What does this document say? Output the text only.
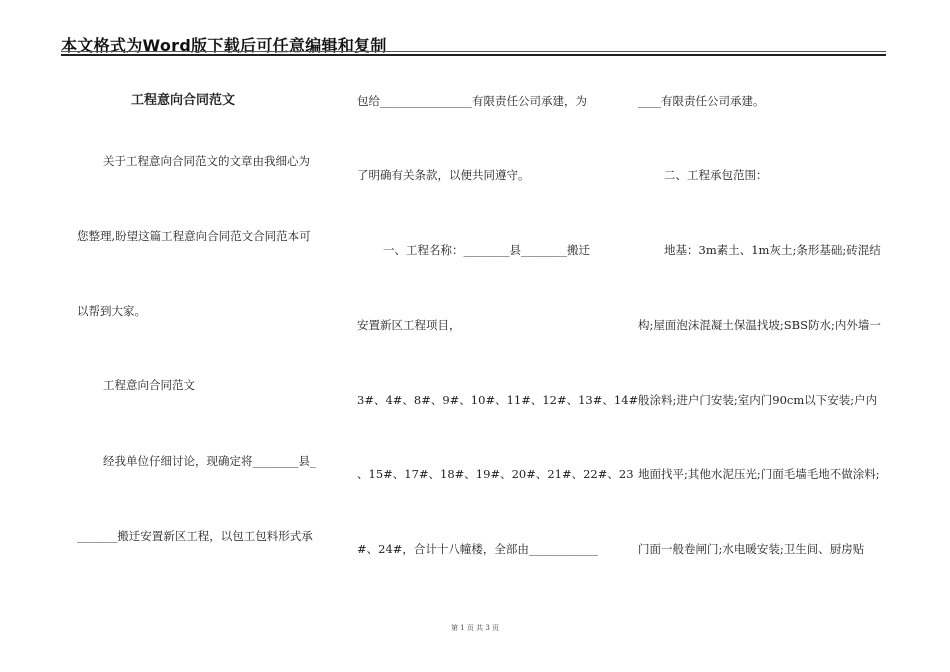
本文格式为Word版下载后可任意编辑和复制
工程意向合同范文
关于工程意向合同范文的文章由我细心为
您整理,盼望这篇工程意向合同范文合同范本可
以帮到大家。
工程意向合同范文
经我单位仔细讨论，现确定将________县_
_______搬迁安置新区工程，以包工包料形式承
包给________________有限责任公司承建，为
了明确有关条款，以便共同遵守。
一、工程名称：________县________搬迁
安置新区工程项目，
3#、4#、8#、9#、10#、11#、12#、13#、14#
、15#、17#、18#、19#、20#、21#、22#、23
#、24#，合计十八幢楼，全部由____________
____有限责任公司承建。
二、工程承包范围：
地基：3m素土、1m灰土;条形基础;砖混结
构;屋面泡沫混凝土保温找坡;SBS防水;内外墙一
般涂料;进户门安装;室内门90cm以下安装;户内
地面找平;其他水泥压光;门面毛墙毛地不做涂料;
门面一般卷闸门;水电暖安装;卫生间、厨房贴
第 1 页 共 3 页
